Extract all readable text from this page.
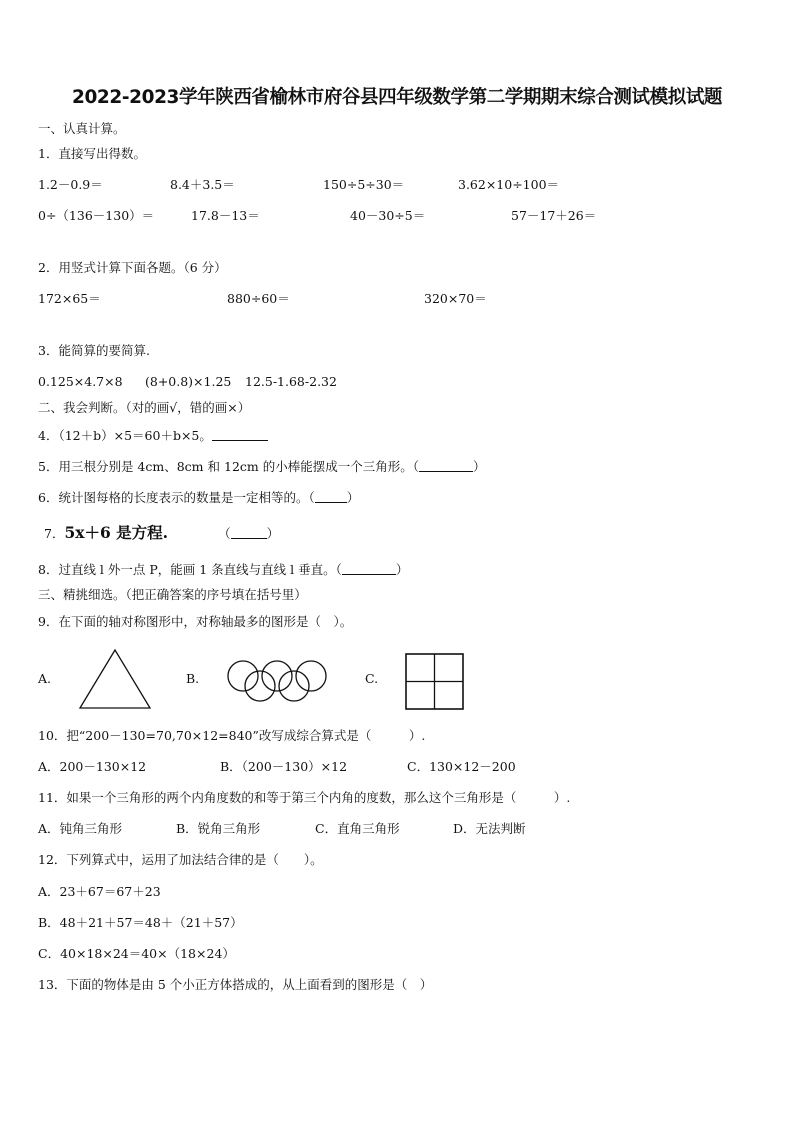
2022-2023学年陕西省榆林市府谷县四年级数学第二学期期末综合测试模拟试题
一、认真计算。
1．直接写出得数。
1.2－0.9＝	8.4＋3.5＝	150÷5÷30＝	3.62×10÷100＝
0÷（136－130）＝	17.8－13＝	40－30÷5＝	57－17＋26＝
2．用竖式计算下面各题。（6 分）
172×65＝	880÷60＝	320×70＝
3．能简算的要简算.
0.125×4.7×8 (8+0.8)×1.25 12.5-1.68-2.32
二、我会判断。（对的画√，错的画×）
4．（12＋b）×5＝60＋b×5。
5．用三根分别是 4cm、8cm 和 12cm 的小棒能摆成一个三角形。（	）
6．统计图每格的长度表示的数量是一定相等的。（	）
7．5x＋6 是方程.	（	）
8．过直线 l 外一点 P，能画 1 条直线与直线 l 垂直。（	）
三、精挑细选。（把正确答案的序号填在括号里）
9．在下面的轴对称图形中，对称轴最多的图形是（　）。
A.	B.	C.
10．把“200－130=70,70×12=840”改写成综合算式是（　　　）.
A．200－130×12	B．（200－130）×12	C．130×12－200
11．如果一个三角形的两个内角度数的和等于第三个内角的度数，那么这个三角形是（　　　）.
A．钝角三角形	B．锐角三角形	C．直角三角形	D．无法判断
12．下列算式中，运用了加法结合律的是（　　）。
A．23＋67＝67＋23
B．48＋21＋57＝48＋（21＋57）
C．40×18×24＝40×（18×24）
13．下面的物体是由 5 个小正方体搭成的，从上面看到的图形是（　）
